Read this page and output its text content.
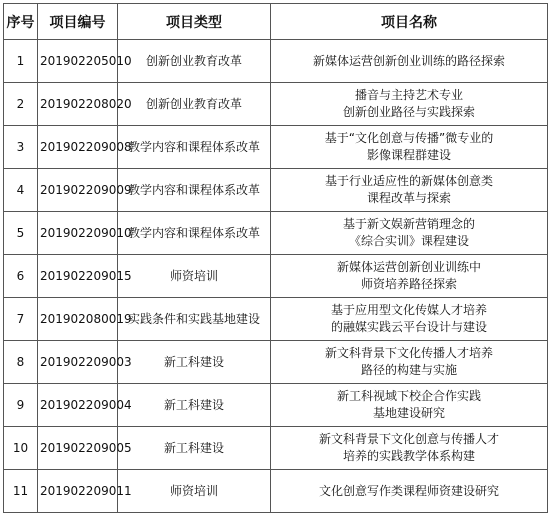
序号	项目编号	项目类型	项目名称
1	201902205010	创新创业教育改革	新媒体运营创新创业训练的路径探索

2	201902208020	创新创业教育改革	播音与主持艺术专业
创新创业路径与实践探索

3	201902209008	教学内容和课程体系改革	基于“文化创意与传播”微专业的
影像课程群建设

4	201902209009	教学内容和课程体系改革	基于行业适应性的新媒体创意类
课程改革与探索

5	201902209010	教学内容和课程体系改革	基于新文娱新营销理念的
《综合实训》课程建设

6	201902209015	师资培训	新媒体运营创新创业训练中
师资培养路径探索

7	201902080019	实践条件和实践基地建设	基于应用型文化传媒人才培养
的融媒实践云平台设计与建设

8	201902209003	新工科建设	新文科背景下文化传播人才培养
路径的构建与实施

9	201902209004	新工科建设	新工科视域下校企合作实践
基地建设研究

10	201902209005	新工科建设	新文科背景下文化创意与传播人才
培养的实践教学体系构建

11	201902209011	师资培训	文化创意写作类课程师资建设研究
